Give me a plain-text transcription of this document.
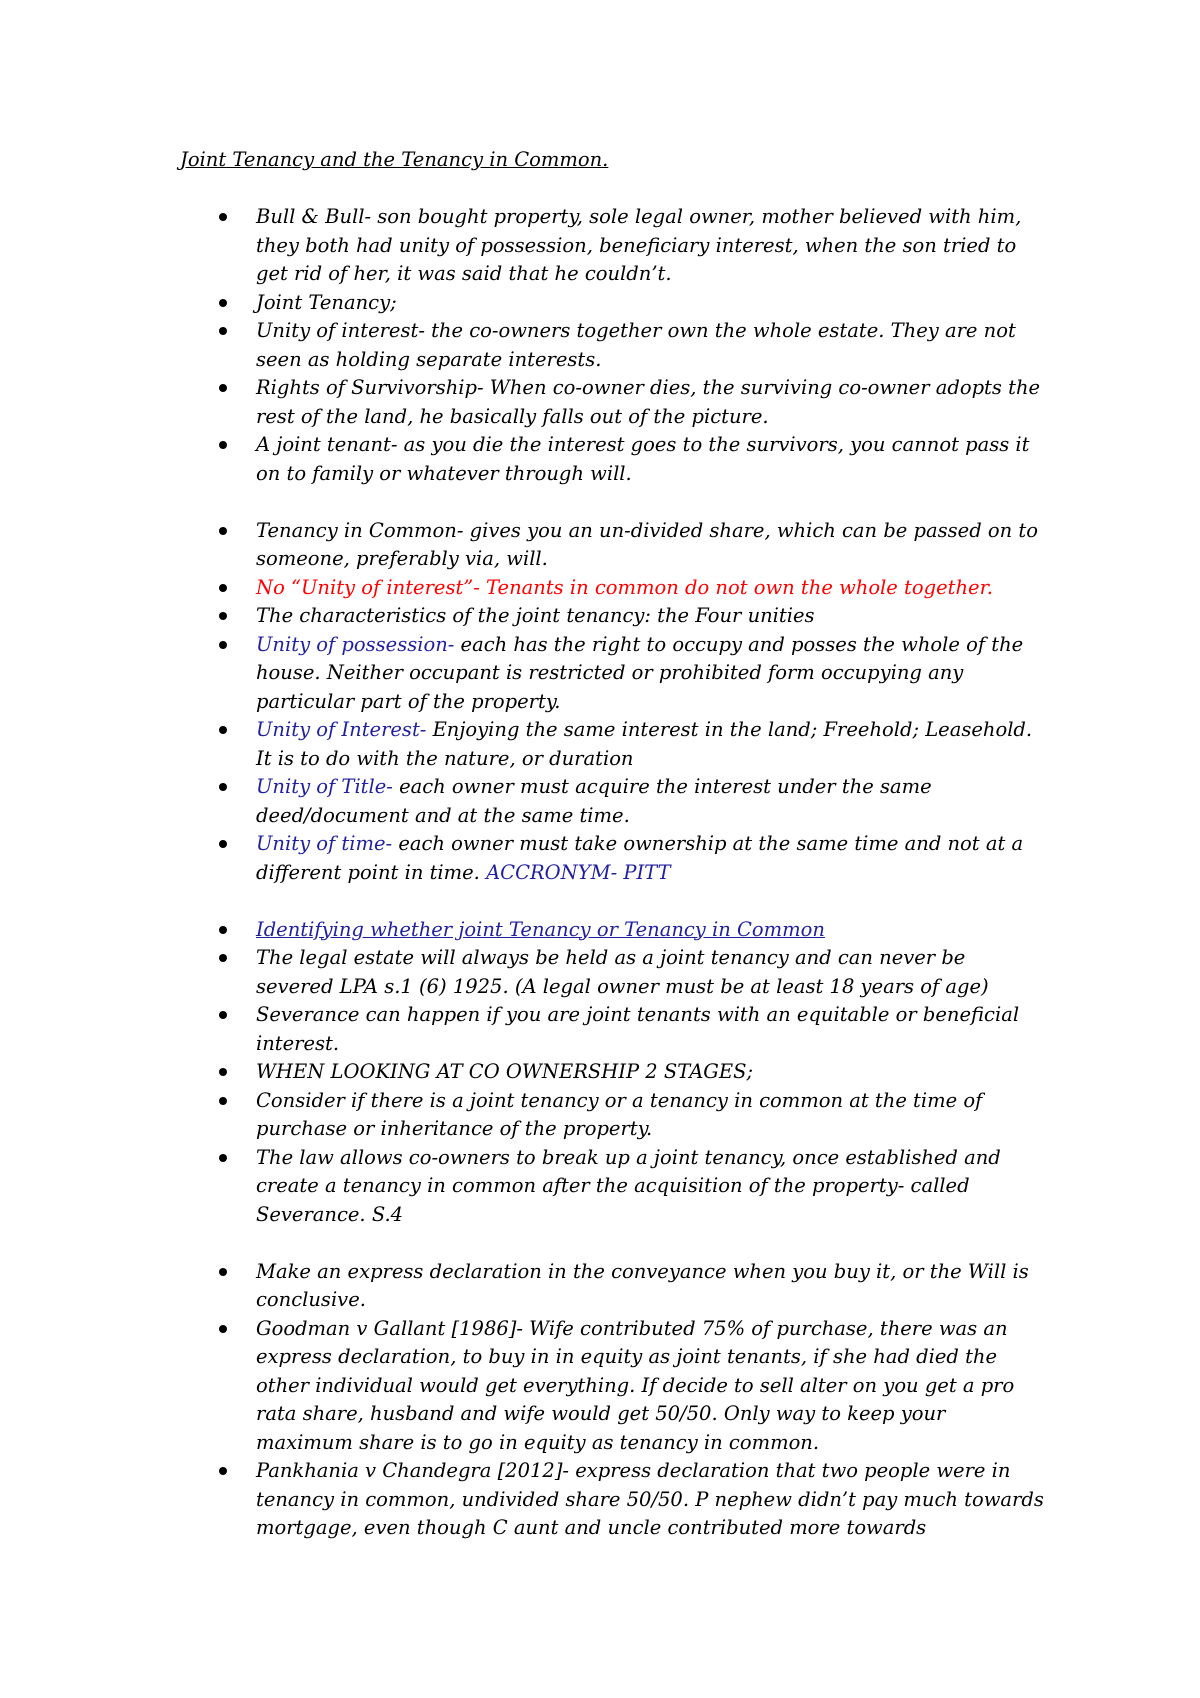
Joint Tenancy and the Tenancy in Common.
Bull & Bull- son bought property, sole legal owner, mother believed with him, they both had unity of possession, beneficiary interest, when the son tried to get rid of her, it was said that he couldn’t.
Joint Tenancy;
Unity of interest- the co-owners together own the whole estate. They are not seen as holding separate interests.
Rights of Survivorship- When co-owner dies, the surviving co-owner adopts the rest of the land, he basically falls out of the picture.
A joint tenant- as you die the interest goes to the survivors, you cannot pass it on to family or whatever through will.
Tenancy in Common- gives you an un-divided share, which can be passed on to someone, preferably via, will.
No “Unity of interest”- Tenants in common do not own the whole together.
The characteristics of the joint tenancy: the Four unities
Unity of possession- each has the right to occupy and posses the whole of the house. Neither occupant is restricted or prohibited form occupying any particular part of the property.
Unity of Interest- Enjoying the same interest in the land; Freehold; Leasehold. It is to do with the nature, or duration
Unity of Title- each owner must acquire the interest under the same deed/document and at the same time.
Unity of time- each owner must take ownership at the same time and not at a different point in time. ACCRONYM- PITT
Identifying whether joint Tenancy or Tenancy in Common
The legal estate will always be held as a joint tenancy and can never be severed LPA s.1 (6) 1925. (A legal owner must be at least 18 years of age)
Severance can happen if you are joint tenants with an equitable or beneficial interest.
WHEN LOOKING AT CO OWNERSHIP 2 STAGES;
Consider if there is a joint tenancy or a tenancy in common at the time of purchase or inheritance of the property.
The law allows co-owners to break up a joint tenancy, once established and create a tenancy in common after the acquisition of the property- called Severance. S.4
Make an express declaration in the conveyance when you buy it, or the Will is conclusive.
Goodman v Gallant [1986]- Wife contributed 75% of purchase, there was an express declaration, to buy in in equity as joint tenants, if she had died the other individual would get everything. If decide to sell alter on you get a pro rata share, husband and wife would get 50/50. Only way to keep your maximum share is to go in equity as tenancy in common.
Pankhania v Chandegra [2012]- express declaration that two people were in tenancy in common, undivided share 50/50. P nephew didn’t pay much towards mortgage, even though C aunt and uncle contributed more towards
